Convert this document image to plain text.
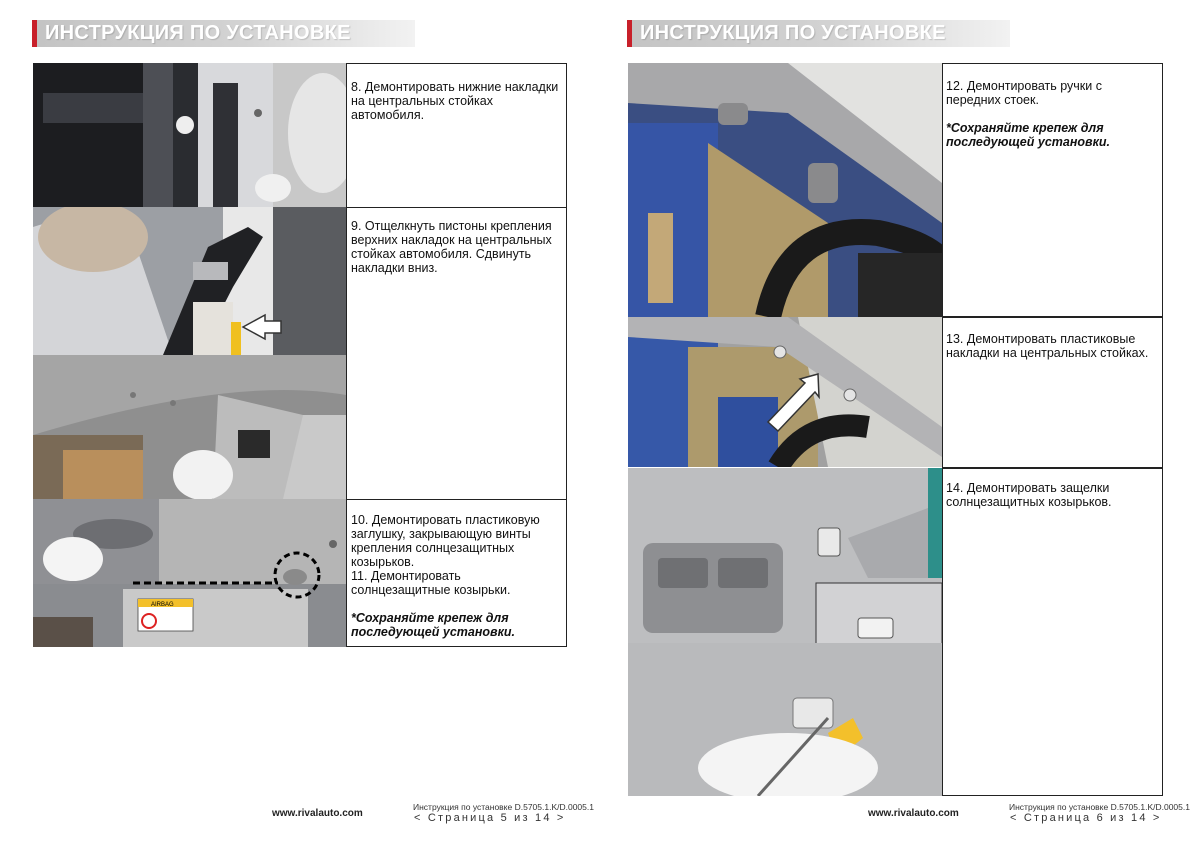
ИНСТРУКЦИЯ ПО УСТАНОВКЕ

8. Демонтировать нижние накладки на центральных стойках автомобиля.

9. Отщелкнуть пистоны крепления верхних накладок на центральных стойках автомобиля. Сдвинуть накладки вниз.

AIRBAG

10. Демонтировать пластиковую заглушку, закрывающую винты крепления солнцезащитных козырьков.

11. Демонтировать солнцезащитные козырьки.

*Сохраняйте крепеж для последующей установки.

www.rivalauto.com
Инструкция по установке D.5705.1.K/D.0005.1
< Страница 5 из 14 >
ИНСТРУКЦИЯ ПО УСТАНОВКЕ

12. Демонтировать ручки с передних стоек.

*Сохраняйте крепеж для последующей установки.

13. Демонтировать пластиковые накладки на центральных стойках.

14. Демонтировать защелки солнцезащитных козырьков.

www.rivalauto.com
Инструкция по установке D.5705.1.K/D.0005.1
< Страница 6 из 14 >
